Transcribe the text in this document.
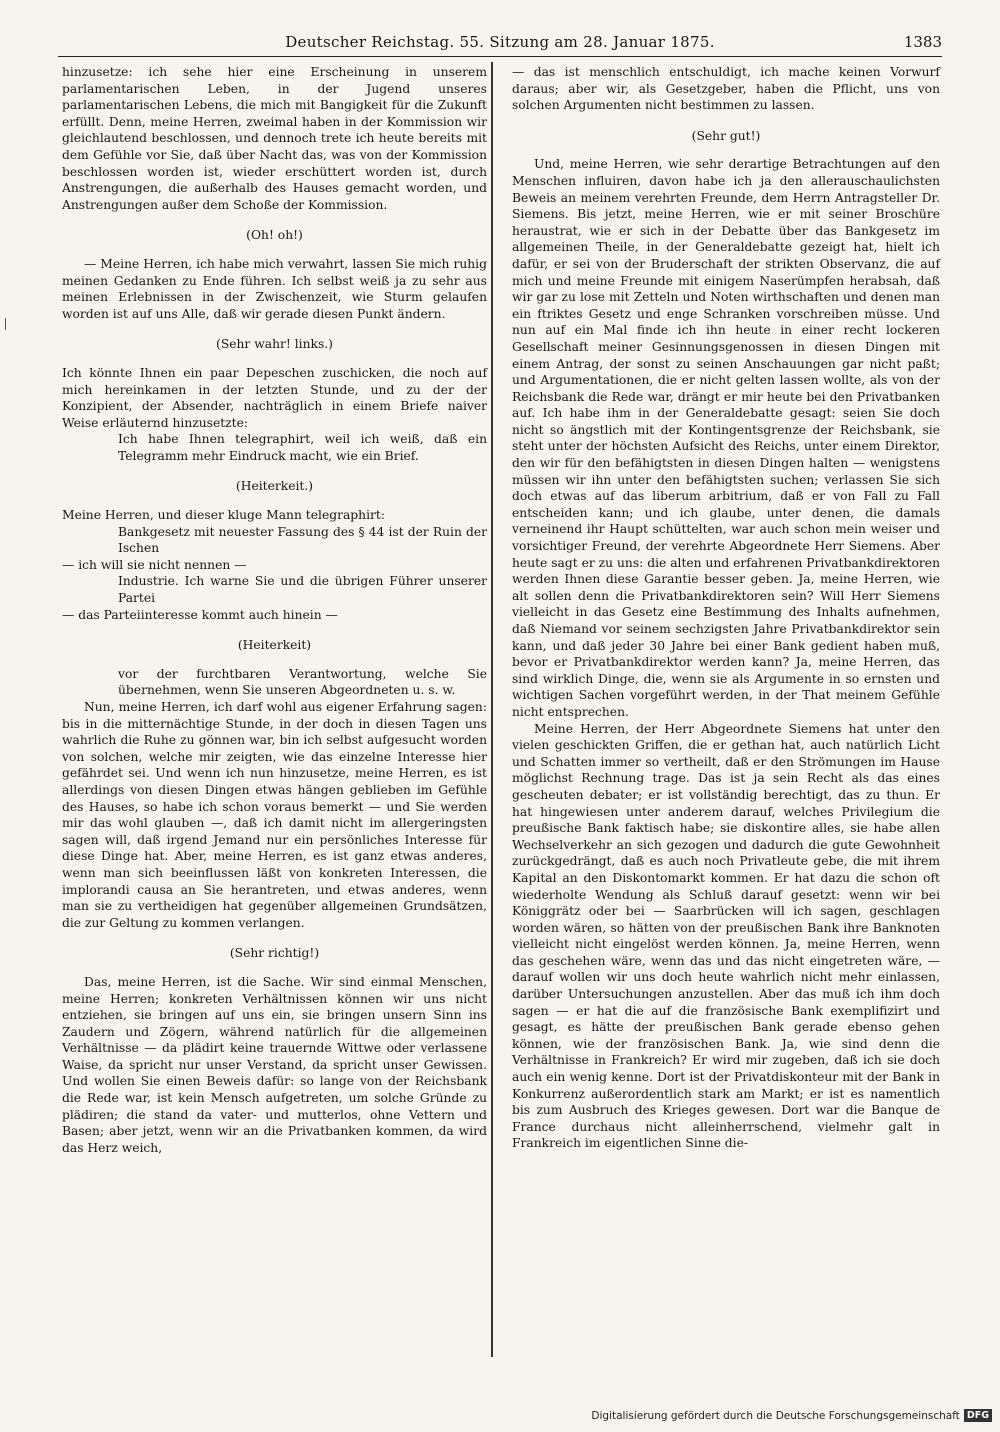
Deutscher Reichstag. 55. Sitzung am 28. Januar 1875.	1383

hinzusetze: ich sehe hier eine Erscheinung in unserem parlamentarischen Leben, in der Jugend unseres parlamentarischen Lebens, die mich mit Bangigkeit für die Zukunft erfüllt. Denn, meine Herren, zweimal haben in der Kommission wir gleichlautend beschlossen, und dennoch trete ich heute bereits mit dem Gefühle vor Sie, daß über Nacht das, was von der Kommission beschlossen worden ist, wieder erschüttert worden ist, durch Anstrengungen, die außerhalb des Hauses gemacht worden, und Anstrengungen außer dem Schoße der Kommission.

(Oh! oh!)

— Meine Herren, ich habe mich verwahrt, lassen Sie mich ruhig meinen Gedanken zu Ende führen. Ich selbst weiß ja zu sehr aus meinen Erlebnissen in der Zwischenzeit, wie Sturm gelaufen worden ist auf uns Alle, daß wir gerade diesen Punkt ändern.

(Sehr wahr! links.)

Ich könnte Ihnen ein paar Depeschen zuschicken, die noch auf mich hereinkamen in der letzten Stunde, und zu der der Konzipient, der Absender, nachträglich in einem Briefe naiver Weise erläuternd hinzusetzte:

Ich habe Ihnen telegraphirt, weil ich weiß, daß ein Telegramm mehr Eindruck macht, wie ein Brief.

(Heiterkeit.)

Meine Herren, und dieser kluge Mann telegraphirt:

Bankgesetz mit neuester Fassung des § 44 ist der Ruin der Ischen

— ich will sie nicht nennen —

Industrie. Ich warne Sie und die übrigen Führer unserer Partei

— das Parteiinteresse kommt auch hinein —

(Heiterkeit)

vor der furchtbaren Verantwortung, welche Sie übernehmen, wenn Sie unseren Abgeordneten u. s. w.

Nun, meine Herren, ich darf wohl aus eigener Erfahrung sagen: bis in die mitternächtige Stunde, in der doch in diesen Tagen uns wahrlich die Ruhe zu gönnen war, bin ich selbst aufgesucht worden von solchen, welche mir zeigten, wie das einzelne Interesse hier gefährdet sei. Und wenn ich nun hinzusetze, meine Herren, es ist allerdings von diesen Dingen etwas hängen geblieben im Gefühle des Hauses, so habe ich schon voraus bemerkt — und Sie werden mir das wohl glauben —, daß ich damit nicht im allergeringsten sagen will, daß irgend Jemand nur ein persönliches Interesse für diese Dinge hat. Aber, meine Herren, es ist ganz etwas anderes, wenn man sich beeinflussen läßt von konkreten Interessen, die implorandi causa an Sie herantreten, und etwas anderes, wenn man sie zu vertheidigen hat gegenüber allgemeinen Grundsätzen, die zur Geltung zu kommen verlangen.

(Sehr richtig!)

Das, meine Herren, ist die Sache. Wir sind einmal Menschen, meine Herren; konkreten Verhältnissen können wir uns nicht entziehen, sie bringen auf uns ein, sie bringen unsern Sinn ins Zaudern und Zögern, während natürlich für die allgemeinen Verhältnisse — da plädirt keine trauernde Wittwe oder verlassene Waise, da spricht nur unser Verstand, da spricht unser Gewissen. Und wollen Sie einen Beweis dafür: so lange von der Reichsbank die Rede war, ist kein Mensch aufgetreten, um solche Gründe zu plädiren; die stand da vater- und mutterlos, ohne Vettern und Basen; aber jetzt, wenn wir an die Privatbanken kommen, da wird das Herz weich,

— das ist menschlich entschuldigt, ich mache keinen Vorwurf daraus; aber wir, als Gesetzgeber, haben die Pflicht, uns von solchen Argumenten nicht bestimmen zu lassen.

(Sehr gut!)

Und, meine Herren, wie sehr derartige Betrachtungen auf den Menschen influiren, davon habe ich ja den allerauschaulichsten Beweis an meinem verehrten Freunde, dem Herrn Antragsteller Dr. Siemens. Bis jetzt, meine Herren, wie er mit seiner Broschüre heraustrat, wie er sich in der Debatte über das Bankgesetz im allgemeinen Theile, in der Generaldebatte gezeigt hat, hielt ich dafür, er sei von der Bruderschaft der strikten Observanz, die auf mich und meine Freunde mit einigem Naserümpfen herabsah, daß wir gar zu lose mit Zetteln und Noten wirthschaften und denen man ein ftriktes Gesetz und enge Schranken vorschreiben müsse. Und nun auf ein Mal finde ich ihn heute in einer recht lockeren Gesellschaft meiner Gesinnungsgenossen in diesen Dingen mit einem Antrag, der sonst zu seinen Anschauungen gar nicht paßt; und Argumentationen, die er nicht gelten lassen wollte, als von der Reichsbank die Rede war, drängt er mir heute bei den Privatbanken auf. Ich habe ihm in der Generaldebatte gesagt: seien Sie doch nicht so ängstlich mit der Kontingentsgrenze der Reichsbank, sie steht unter der höchsten Aufsicht des Reichs, unter einem Direktor, den wir für den befähigtsten in diesen Dingen halten — wenigstens müssen wir ihn unter den befähigtsten suchen; verlassen Sie sich doch etwas auf das liberum arbitrium, daß er von Fall zu Fall entscheiden kann; und ich glaube, unter denen, die damals verneinend ihr Haupt schüttelten, war auch schon mein weiser und vorsichtiger Freund, der verehrte Abgeordnete Herr Siemens. Aber heute sagt er zu uns: die alten und erfahrenen Privatbankdirektoren werden Ihnen diese Garantie besser geben. Ja, meine Herren, wie alt sollen denn die Privatbankdirektoren sein? Will Herr Siemens vielleicht in das Gesetz eine Bestimmung des Inhalts aufnehmen, daß Niemand vor seinem sechzigsten Jahre Privatbankdirektor sein kann, und daß jeder 30 Jahre bei einer Bank gedient haben muß, bevor er Privatbankdirektor werden kann? Ja, meine Herren, das sind wirklich Dinge, die, wenn sie als Argumente in so ernsten und wichtigen Sachen vorgeführt werden, in der That meinem Gefühle nicht entsprechen.

Meine Herren, der Herr Abgeordnete Siemens hat unter den vielen geschickten Griffen, die er gethan hat, auch natürlich Licht und Schatten immer so vertheilt, daß er den Strömungen im Hause möglichst Rechnung trage. Das ist ja sein Recht als das eines gescheuten debater; er ist vollständig berechtigt, das zu thun. Er hat hingewiesen unter anderem darauf, welches Privilegium die preußische Bank faktisch habe; sie diskontire alles, sie habe allen Wechselverkehr an sich gezogen und dadurch die gute Gewohnheit zurückgedrängt, daß es auch noch Privatleute gebe, die mit ihrem Kapital an den Diskontomarkt kommen. Er hat dazu die schon oft wiederholte Wendung als Schluß darauf gesetzt: wenn wir bei Königgrätz oder bei — Saarbrücken will ich sagen, geschlagen worden wären, so hätten von der preußischen Bank ihre Banknoten vielleicht nicht eingelöst werden können. Ja, meine Herren, wenn das geschehen wäre, wenn das und das nicht eingetreten wäre, — darauf wollen wir uns doch heute wahrlich nicht mehr einlassen, darüber Untersuchungen anzustellen. Aber das muß ich ihm doch sagen — er hat die auf die französische Bank exemplifizirt und gesagt, es hätte der preußischen Bank gerade ebenso gehen können, wie der französischen Bank. Ja, wie sind denn die Verhältnisse in Frankreich? Er wird mir zugeben, daß ich sie doch auch ein wenig kenne. Dort ist der Privatdiskonteur mit der Bank in Konkurrenz außerordentlich stark am Markt; er ist es namentlich bis zum Ausbruch des Krieges gewesen. Dort war die Banque de France durchaus nicht alleinherrschend, vielmehr galt in Frankreich im eigentlichen Sinne die-

Digitalisierung gefördert durch die Deutsche Forschungsgemeinschaft DFG
